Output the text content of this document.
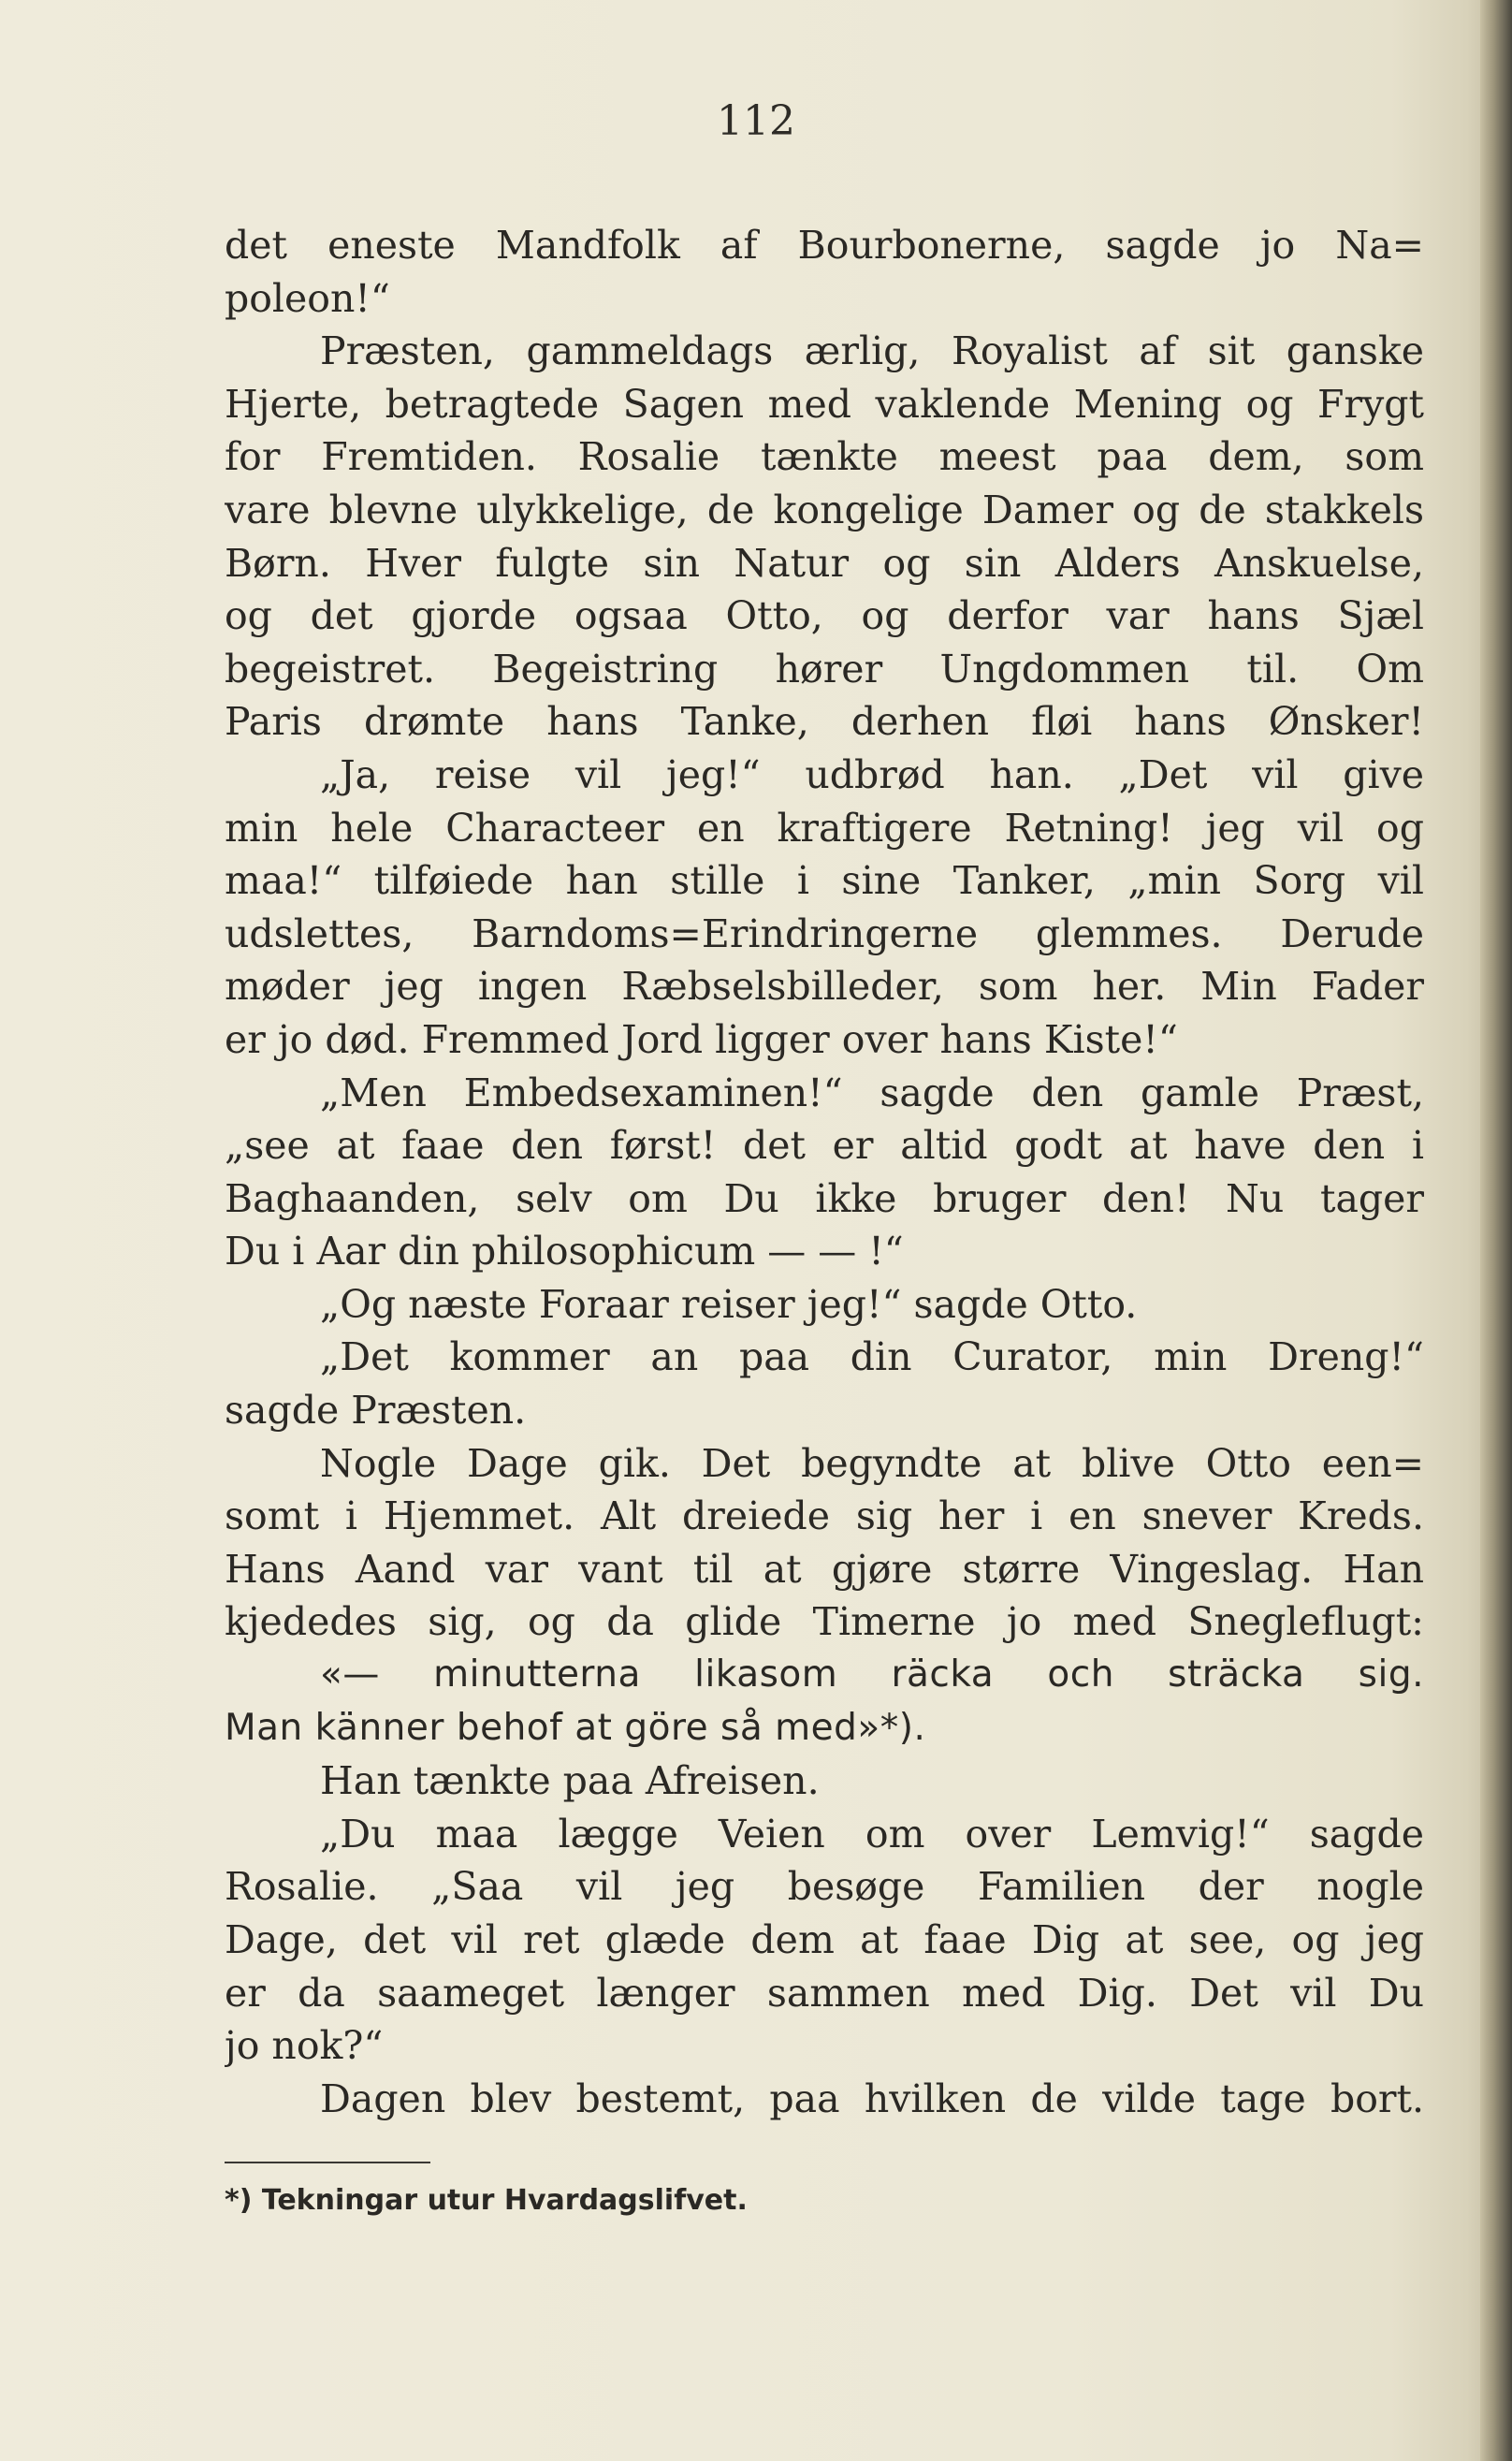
112
det eneste Mandfolk af Bourbonerne, sagde jo Na=
poleon!“
Præsten, gammeldags ærlig, Royalist af sit ganske
Hjerte, betragtede Sagen med vaklende Mening og Frygt
for Fremtiden. Rosalie tænkte meest paa dem, som
vare blevne ulykkelige, de kongelige Damer og de stakkels
Børn. Hver fulgte sin Natur og sin Alders Anskuelse,
og det gjorde ogsaa Otto, og derfor var hans Sjæl
begeistret. Begeistring hører Ungdommen til. Om
Paris drømte hans Tanke, derhen fløi hans Ønsker!
„Ja, reise vil jeg!“ udbrød han. „Det vil give
min hele Characteer en kraftigere Retning! jeg vil og
maa!“ tilføiede han stille i sine Tanker, „min Sorg vil
udslettes, Barndoms=Erindringerne glemmes. Derude
møder jeg ingen Ræbselsbilleder, som her. Min Fader
er jo død. Fremmed Jord ligger over hans Kiste!“
„Men Embedsexaminen!“ sagde den gamle Præst,
„see at faae den først! det er altid godt at have den i
Baghaanden, selv om Du ikke bruger den! Nu tager
Du i Aar din philosophicum — — !“
„Og næste Foraar reiser jeg!“ sagde Otto.
„Det kommer an paa din Curator, min Dreng!“
sagde Præsten.
Nogle Dage gik. Det begyndte at blive Otto een=
somt i Hjemmet. Alt dreiede sig her i en snever Kreds.
Hans Aand var vant til at gjøre større Vingeslag. Han
kjededes sig, og da glide Timerne jo med Snegleflugt:
«— minutterna likasom räcka och sträcka sig.
Man känner behof at göre så med»*).
Han tænkte paa Afreisen.
„Du maa lægge Veien om over Lemvig!“ sagde
Rosalie. „Saa vil jeg besøge Familien der nogle
Dage, det vil ret glæde dem at faae Dig at see, og jeg
er da saameget længer sammen med Dig. Det vil Du
jo nok?“
Dagen blev bestemt, paa hvilken de vilde tage bort.
*) Tekningar utur Hvardagslifvet.
